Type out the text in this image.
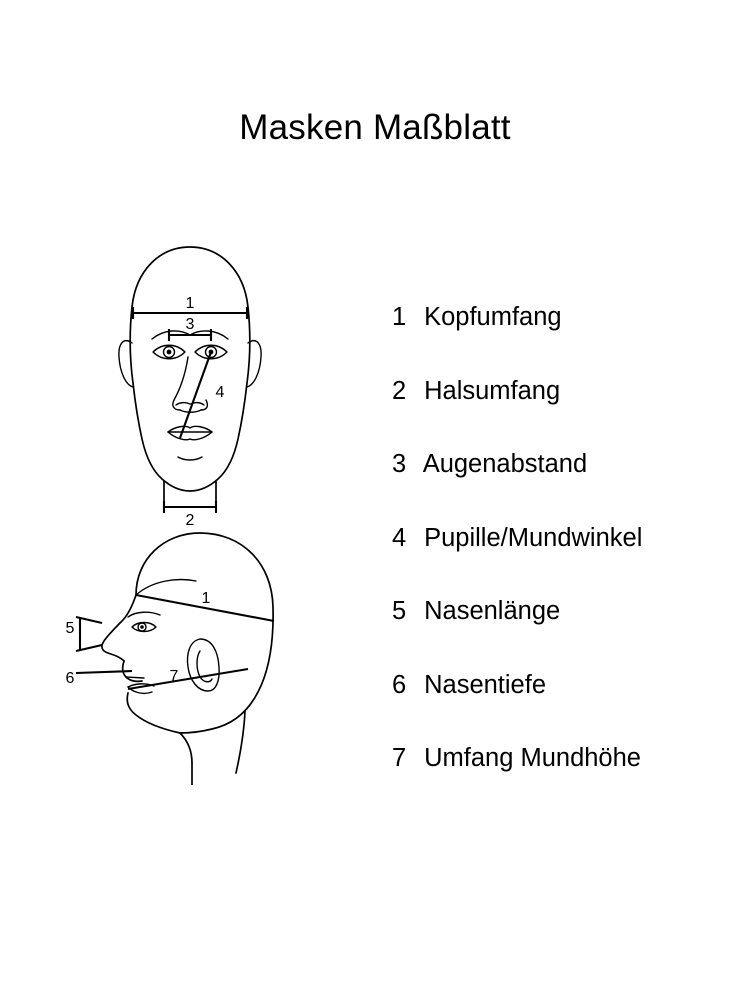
Masken Maßblatt
1
3
4
2
1
5
6	7
1 Kopfumfang
2 Halsumfang
3 Augenabstand
4 Pupille/Mundwinkel
5 Nasenlänge
6 Nasentiefe
7 Umfang Mundhöhe
